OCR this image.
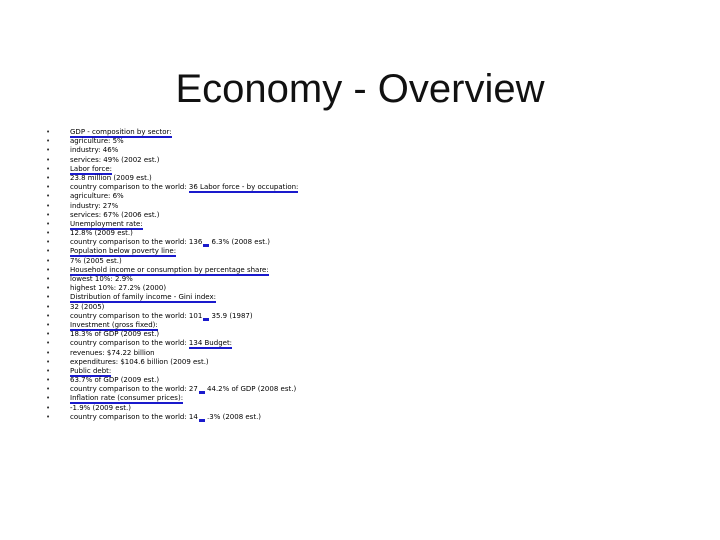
Economy - Overview
•	GDP - composition by sector:
•	agriculture: 5%
•	industry: 46%
•	services: 49% (2002 est.)
•	Labor force:
•	23.8 million (2009 est.)
•	country comparison to the world: 36 Labor force - by occupation:
•	agriculture: 6%
•	industry: 27%
•	services: 67% (2006 est.)
•	Unemployment rate:
•	12.8% (2009 est.)
•	country comparison to the world: 136 6.3% (2008 est.)
•	Population below poverty line:
•	7% (2005 est.)
•	Household income or consumption by percentage share:
•	lowest 10%: 2.9%
•	highest 10%: 27.2% (2000)
•	Distribution of family income - Gini index:
•	32 (2005)
•	country comparison to the world: 101 35.9 (1987)
•	Investment (gross fixed):
•	18.3% of GDP (2009 est.)
•	country comparison to the world: 134 Budget:
•	revenues: $74.22 billion
•	expenditures: $104.6 billion (2009 est.)
•	Public debt:
•	63.7% of GDP (2009 est.)
•	country comparison to the world: 27 44.2% of GDP (2008 est.)
•	Inflation rate (consumer prices):
•	-1.9% (2009 est.)
•	country comparison to the world: 14 .3% (2008 est.)
